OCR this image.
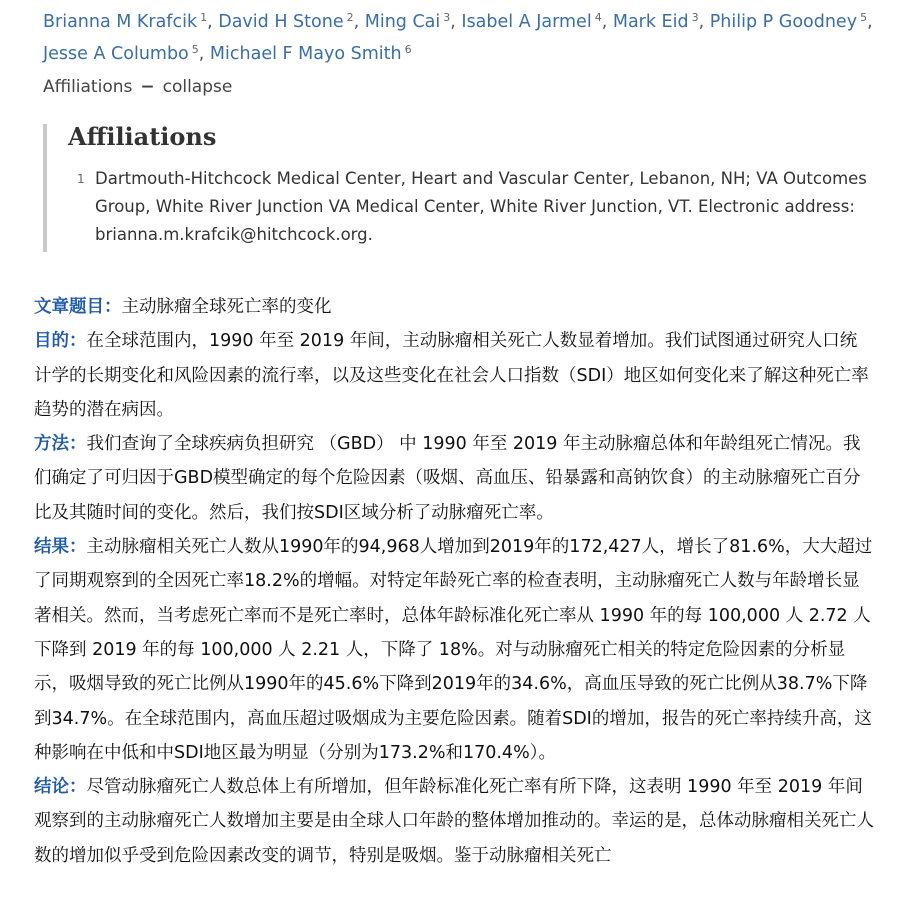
Brianna M Krafcik $^1$, David H Stone $^2$, Ming Cai $^3$, Isabel A Jarmel $^4$, Mark Eid $^3$, Philip P Goodney $^5$,
Jesse A Columbo $^5$, Michael F Mayo Smith $^6$
Affiliations − collapse
Affiliations
1 Dartmouth-Hitchcock Medical Center, Heart and Vascular Center, Lebanon, NH; VA Outcomes Group, White River Junction VA Medical Center, White River Junction, VT. Electronic address: brianna.m.krafcik@hitchcock.org.

文章题目：主动脉瘤全球死亡率的变化

目的：在全球范围内，1990 年至 2019 年间，主动脉瘤相关死亡人数显着增加。我们试图通过研究人口统计学的长期变化和风险因素的流行率，以及这些变化在社会人口指数（SDI）地区如何变化来了解这种死亡率趋势的潜在病因。

方法：我们查询了全球疾病负担研究 （GBD） 中 1990 年至 2019 年主动脉瘤总体和年龄组死亡情况。我们确定了可归因于GBD模型确定的每个危险因素（吸烟、高血压、铅暴露和高钠饮食）的主动脉瘤死亡百分比及其随时间的变化。然后，我们按SDI区域分析了动脉瘤死亡率。

结果：主动脉瘤相关死亡人数从1990年的94,968人增加到2019年的172,427人，增长了81.6%，大大超过了同期观察到的全因死亡率18.2%的增幅。对特定年龄死亡率的检查表明，主动脉瘤死亡人数与年龄增长显著相关。然而，当考虑死亡率而不是死亡率时，总体年龄标准化死亡率从 1990 年的每 100,000 人 2.72 人下降到 2019 年的每 100,000 人 2.21 人，下降了 18%。对与动脉瘤死亡相关的特定危险因素的分析显示，吸烟导致的死亡比例从1990年的45.6%下降到2019年的34.6%，高血压导致的死亡比例从38.7%下降到34.7%。在全球范围内，高血压超过吸烟成为主要危险因素。随着SDI的增加，报告的死亡率持续升高，这种影响在中低和中SDI地区最为明显（分别为173.2%和170.4%）。

结论：尽管动脉瘤死亡人数总体上有所增加，但年龄标准化死亡率有所下降，这表明 1990 年至 2019 年间观察到的主动脉瘤死亡人数增加主要是由全球人口年龄的整体增加推动的。幸运的是，总体动脉瘤相关死亡人数的增加似乎受到危险因素改变的调节，特别是吸烟。鉴于动脉瘤相关死亡
